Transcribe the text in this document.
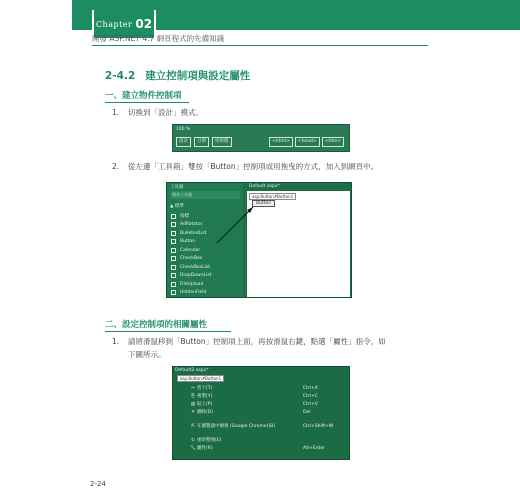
Chapter 02
開發 ASP.NET 4.7 網頁程式的先備知識
2-4.2 建立控制項與設定屬性
一、建立物件控制項
1. 切換到「設計」模式。
100 %
設計	分割	原始檔	<html>	<head>	<title>
2. 從左邊「工具箱」雙按「Button」控制項或用拖曳的方式，加入到網頁中。
工具箱
搜尋工具箱
▲ 標準
指標
AdRotator
BulletedList
Button
Calendar
CheckBox
CheckBoxList
DropDownList
FileUpload
HiddenField
Default.aspx*
asp:Button#Button1
Button
二、設定控制項的相關屬性
1. 請將滑鼠移到「Button」控制項上面，再按滑鼠右鍵，點選「屬性」指令。如
下圖所示。
Default2.aspx*
asp:Button#Button1
✂ 剪下(T)	Ctrl+X
⎘ 複製(Y)	Ctrl+C
▤ 貼上(P)	Ctrl+V
✕ 刪除(D)	Del
⇱ 在瀏覽器中檢視 (Google Chrome)(B)	Ctrl+Shift+W
↻ 重新整理(E)
🔧 屬性(R)	Alt+Enter
2-24
